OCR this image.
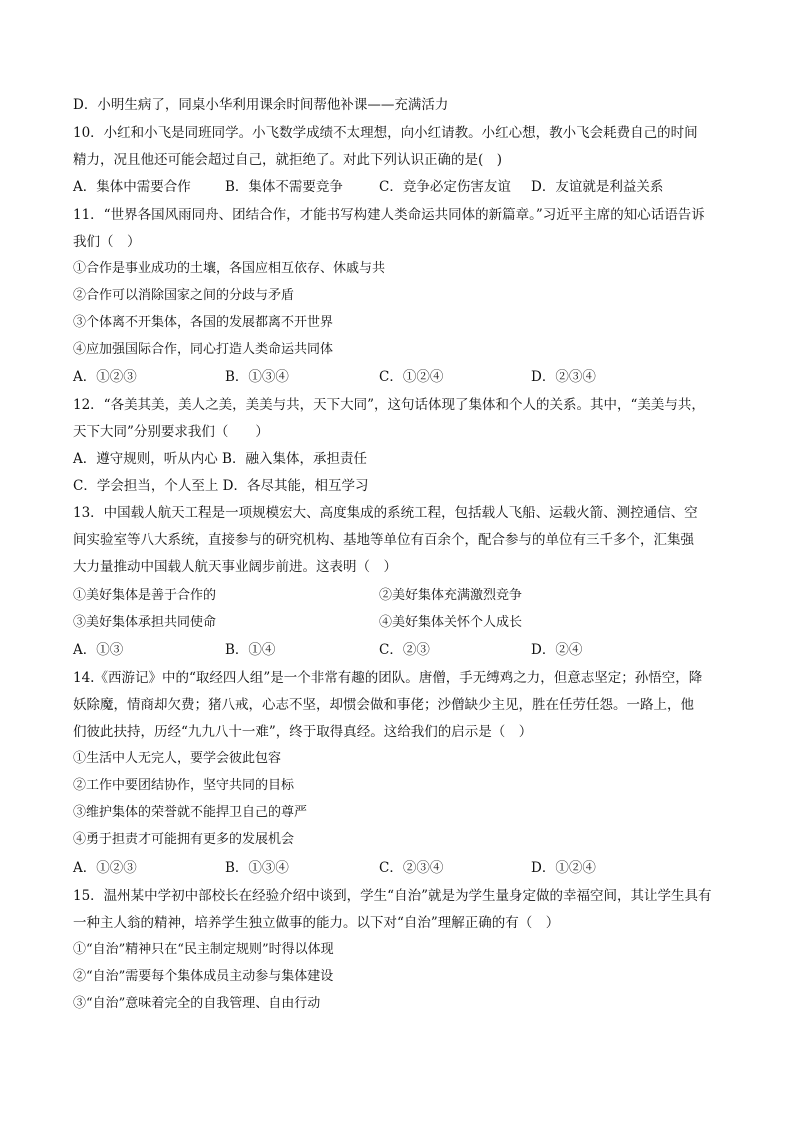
D．小明生病了，同桌小华利用课余时间帮他补课——充满活力
10．小红和小飞是同班同学。小飞数学成绩不太理想，向小红请教。小红心想，教小飞会耗费自己的时间
精力，况且他还可能会超过自己，就拒绝了。对此下列认识正确的是(　)
A．集体中需要合作	B．集体不需要竞争	C．竞争必定伤害友谊 D．友谊就是利益关系
11．“世界各国风雨同舟、团结合作，才能书写构建人类命运共同体的新篇章。”习近平主席的知心话语告诉
我们（　）
①合作是事业成功的土壤，各国应相互依存、休戚与共
②合作可以消除国家之间的分歧与矛盾
③个体离不开集体，各国的发展都离不开世界
④应加强国际合作，同心打造人类命运共同体
A．①②③	B．①③④	C．①②④	D．②③④
12．“各美其美，美人之美，美美与共，天下大同”，这句话体现了集体和个人的关系。其中，“美美与共，
天下大同”分别要求我们（　　）
A．遵守规则，听从内心 B．融入集体，承担责任
C．学会担当，个人至上 D．各尽其能，相互学习
13．中国载人航天工程是一项规模宏大、高度集成的系统工程，包括载人飞船、运载火箭、测控通信、空
间实验室等八大系统，直接参与的研究机构、基地等单位有百余个，配合参与的单位有三千多个，汇集强
大力量推动中国载人航天事业阔步前进。这表明（　）
①美好集体是善于合作的	②美好集体充满激烈竞争
③美好集体承担共同使命	④美好集体关怀个人成长
A．①③	B．①④	C．②③	D．②④
14.《西游记》中的“取经四人组”是一个非常有趣的团队。唐僧，手无缚鸡之力，但意志坚定；孙悟空，降
妖除魔，情商却欠费；猪八戒，心志不坚，却惯会做和事佬；沙僧缺少主见，胜在任劳任怨。一路上，他
们彼此扶持，历经“九九八十一难”，终于取得真经。这给我们的启示是（　）
①生活中人无完人，要学会彼此包容
②工作中要团结协作，坚守共同的目标
③维护集体的荣誉就不能捍卫自己的尊严
④勇于担责才可能拥有更多的发展机会
A．①②③	B．①③④	C．②③④	D．①②④
15．温州某中学初中部校长在经验介绍中谈到，学生“自治”就是为学生量身定做的幸福空间，其让学生具有
一种主人翁的精神，培养学生独立做事的能力。以下对“自治”理解正确的有（　）
①“自治”精神只在“民主制定规则”时得以体现
②“自治”需要每个集体成员主动参与集体建设
③“自治”意味着完全的自我管理、自由行动
